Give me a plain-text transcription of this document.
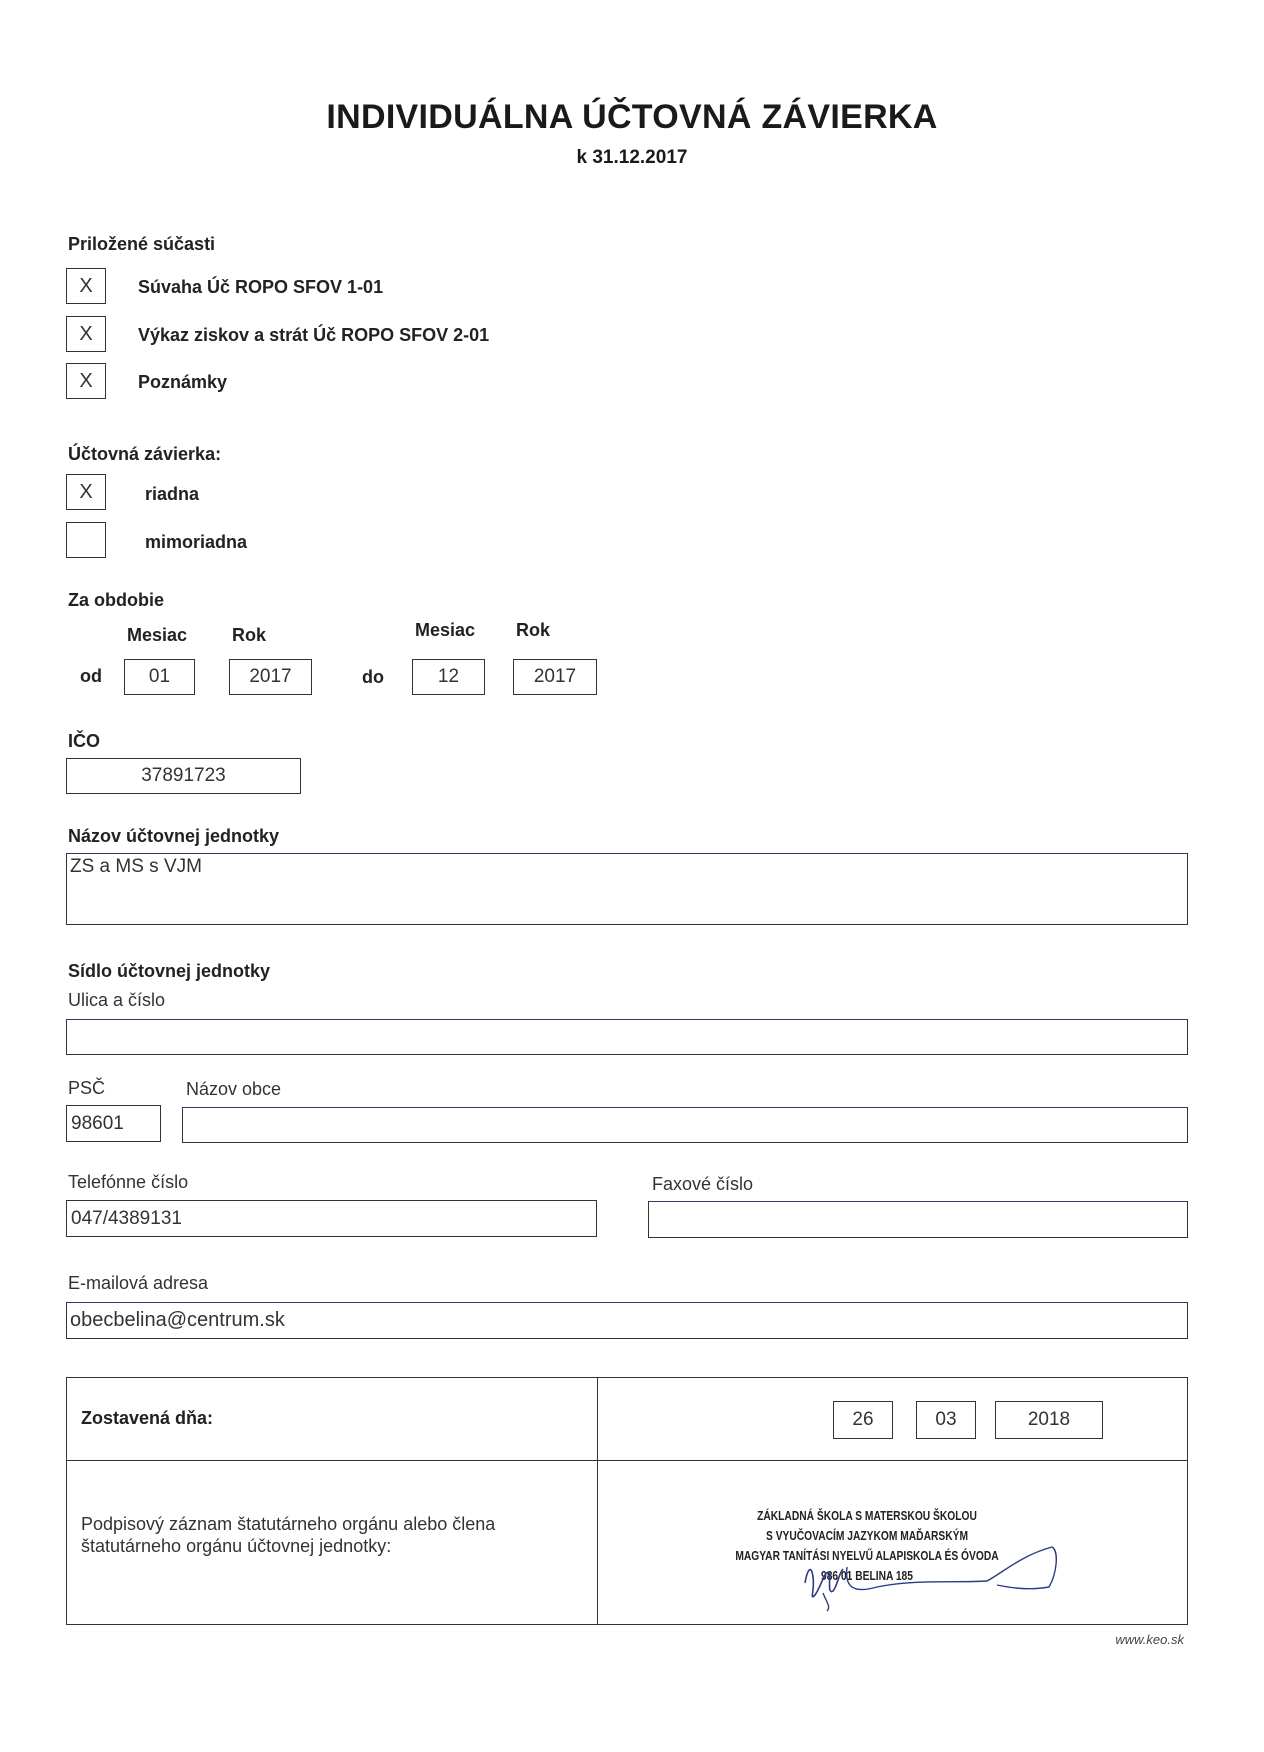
INDIVIDUÁLNA ÚČTOVNÁ ZÁVIERKA
k 31.12.2017
Priložené súčasti
X	Súvaha Úč ROPO SFOV 1-01
X	Výkaz ziskov a strát Úč ROPO SFOV 2-01
X	Poznámky
Účtovná závierka:
X	riadna
mimoriadna
Za obdobie
Mesiac Rok	Mesiac Rok
od	01	2017	do	12	2017
IČO
37891723
Názov účtovnej jednotky
ZS a MS s VJM
Sídlo účtovnej jednotky
Ulica a číslo
PSČ	Názov obce
98601
Telefónne číslo	Faxové číslo
047/4389131
E-mailová adresa
obecbelina@centrum.sk
Zostavená dňa:	26	03	2018
Podpisový záznam štatutárneho orgánu alebo člena
štatutárneho orgánu účtovnej jednotky:
ZÁKLADNÁ ŠKOLA S MATERSKOU ŠKOLOU
S VYUČOVACÍM JAZYKOM MAĎARSKÝM
MAGYAR TANÍTÁSI NYELVŰ ALAPISKOLA ÉS ÓVODA
986 01 BELINA 185
www.keo.sk
